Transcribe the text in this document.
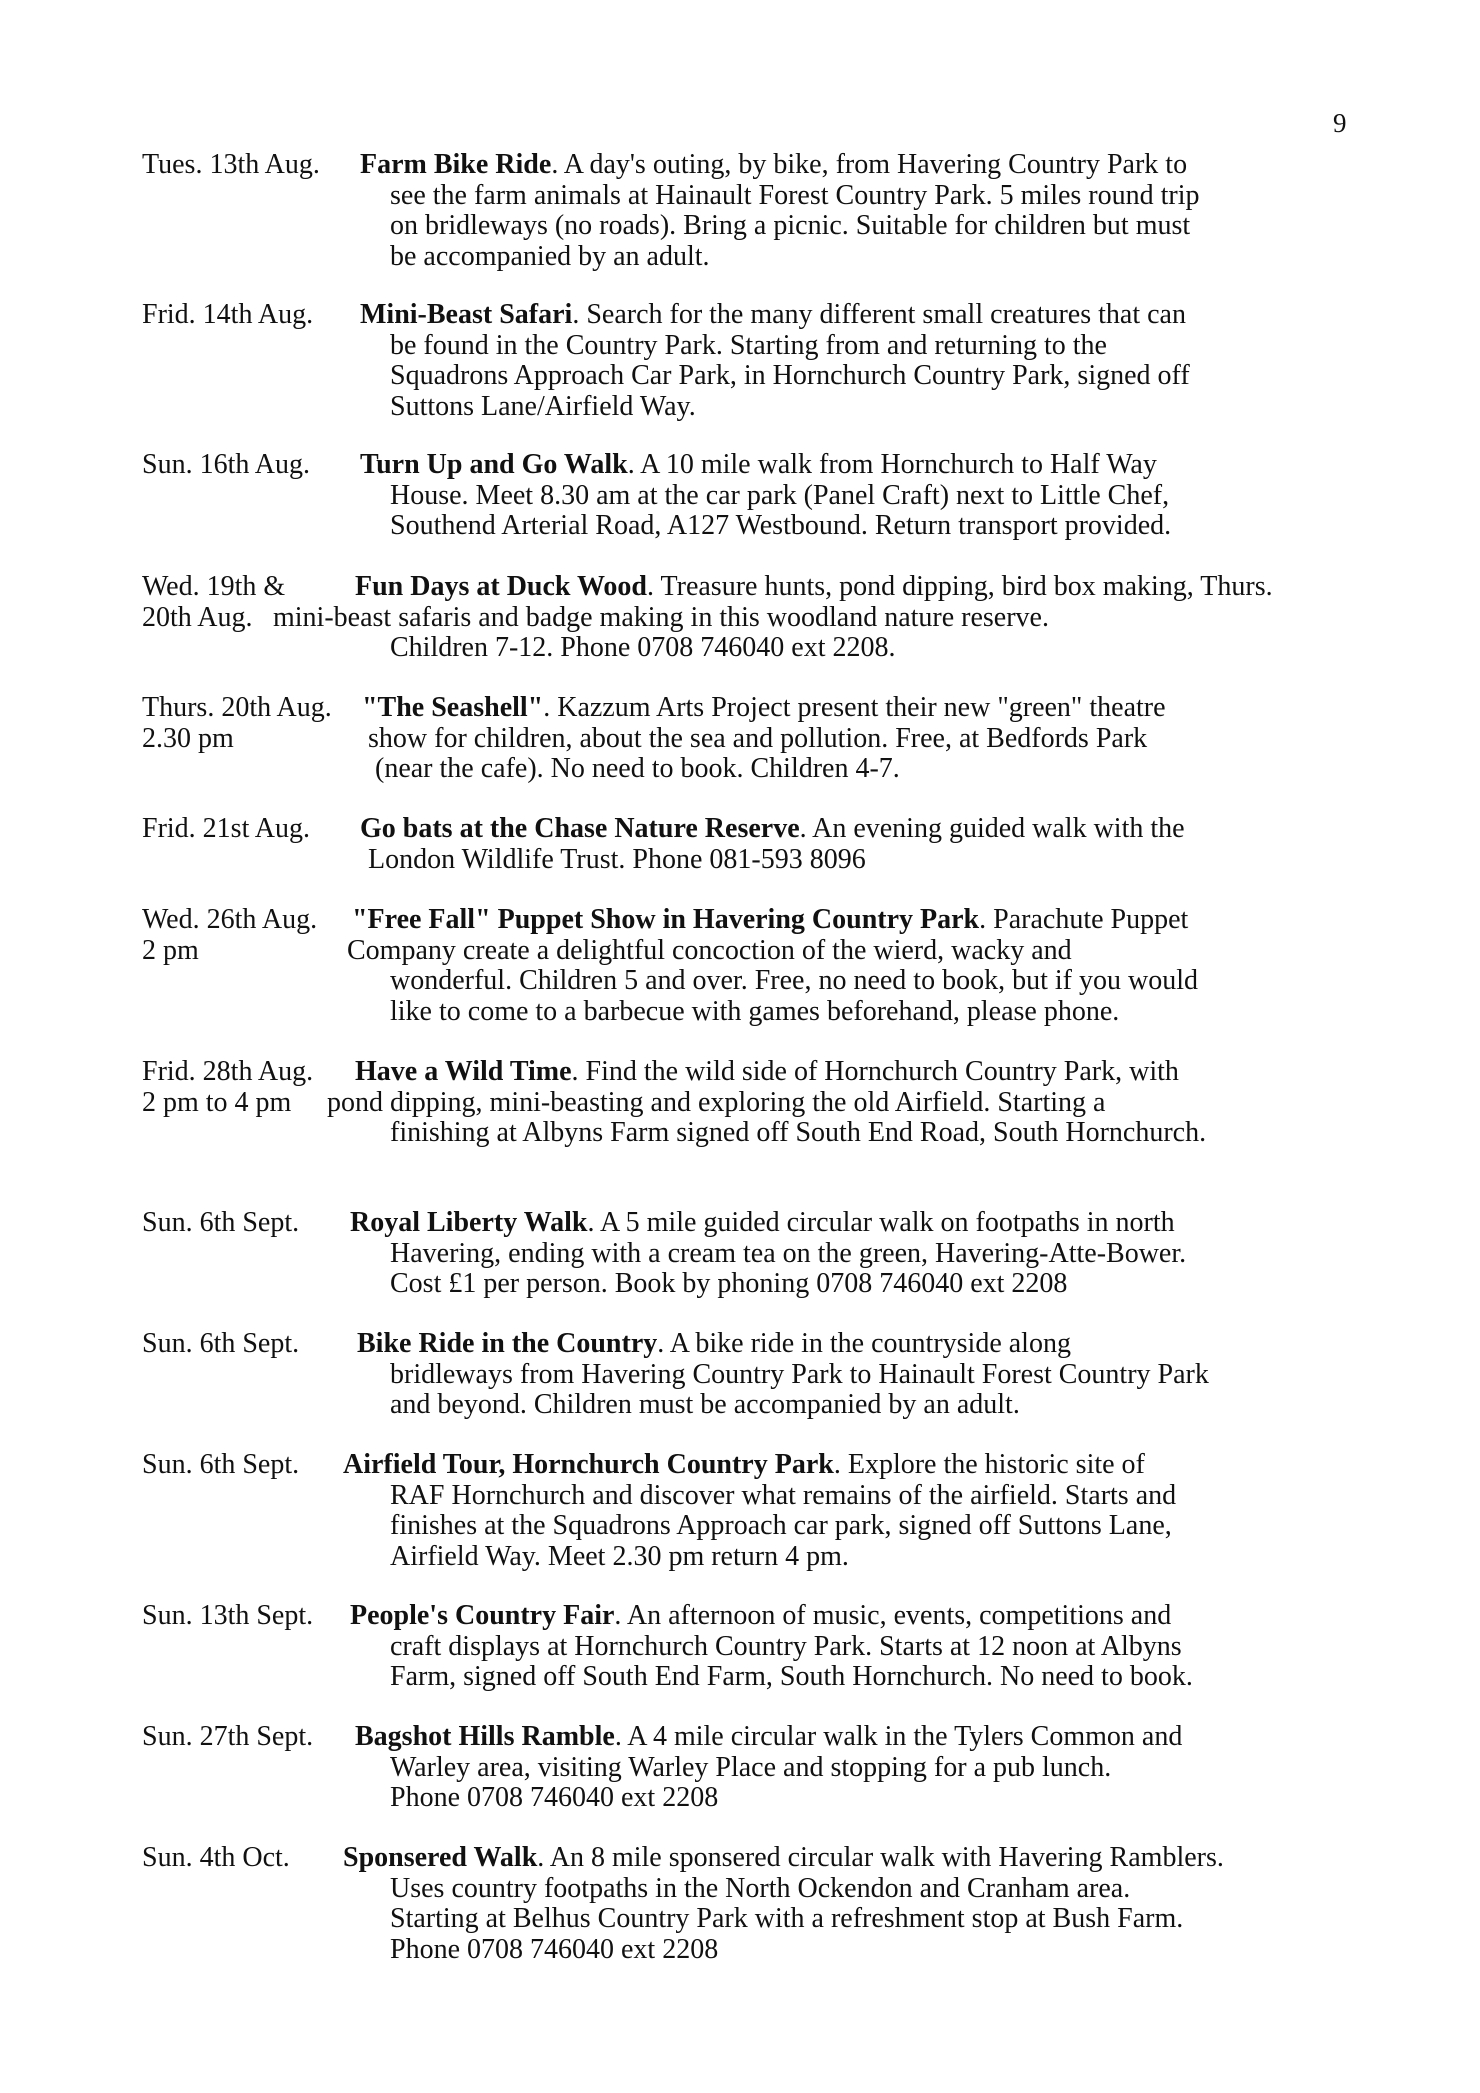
9
Tues. 13th Aug. Farm Bike Ride. A day's outing, by bike, from Havering Country Park to
see the farm animals at Hainault Forest Country Park. 5 miles round trip
on bridleways (no roads). Bring a picnic. Suitable for children but must
be accompanied by an adult.
Frid. 14th Aug. Mini-Beast Safari. Search for the many different small creatures that can
be found in the Country Park. Starting from and returning to the
Squadrons Approach Car Park, in Hornchurch Country Park, signed off
Suttons Lane/Airfield Way.
Sun. 16th Aug. Turn Up and Go Walk. A 10 mile walk from Hornchurch to Half Way
House. Meet 8.30 am at the car park (Panel Craft) next to Little Chef,
Southend Arterial Road, A127 Westbound. Return transport provided.
Wed. 19th &
20th Aug.
Fun Days at Duck Wood. Treasure hunts, pond dipping, bird box making, Thurs.
mini-beast safaris and badge making in this woodland nature reserve.
Children 7-12. Phone 0708 746040 ext 2208.
Thurs. 20th Aug.
2.30 pm
"The Seashell". Kazzum Arts Project present their new "green" theatre
show for children, about the sea and pollution. Free, at Bedfords Park
(near the cafe). No need to book. Children 4-7.
Frid. 21st Aug. Go bats at the Chase Nature Reserve. An evening guided walk with the
London Wildlife Trust. Phone 081-593 8096
Wed. 26th Aug.
2 pm
"Free Fall" Puppet Show in Havering Country Park. Parachute Puppet
Company create a delightful concoction of the wierd, wacky and
wonderful. Children 5 and over. Free, no need to book, but if you would
like to come to a barbecue with games beforehand, please phone.
Frid. 28th Aug.
2 pm to 4 pm
Have a Wild Time. Find the wild side of Hornchurch Country Park, with
pond dipping, mini-beasting and exploring the old Airfield. Starting a
finishing at Albyns Farm signed off South End Road, South Hornchurch.
Sun. 6th Sept. Royal Liberty Walk. A 5 mile guided circular walk on footpaths in north
Havering, ending with a cream tea on the green, Havering-Atte-Bower.
Cost £1 per person. Book by phoning 0708 746040 ext 2208
Sun. 6th Sept. Bike Ride in the Country. A bike ride in the countryside along
bridleways from Havering Country Park to Hainault Forest Country Park
and beyond. Children must be accompanied by an adult.
Sun. 6th Sept. Airfield Tour, Hornchurch Country Park. Explore the historic site of
RAF Hornchurch and discover what remains of the airfield. Starts and
finishes at the Squadrons Approach car park, signed off Suttons Lane,
Airfield Way. Meet 2.30 pm return 4 pm.
Sun. 13th Sept. People's Country Fair. An afternoon of music, events, competitions and
craft displays at Hornchurch Country Park. Starts at 12 noon at Albyns
Farm, signed off South End Farm, South Hornchurch. No need to book.
Sun. 27th Sept. Bagshot Hills Ramble. A 4 mile circular walk in the Tylers Common and
Warley area, visiting Warley Place and stopping for a pub lunch.
Phone 0708 746040 ext 2208
Sun. 4th Oct. Sponsered Walk. An 8 mile sponsered circular walk with Havering Ramblers.
Uses country footpaths in the North Ockendon and Cranham area.
Starting at Belhus Country Park with a refreshment stop at Bush Farm.
Phone 0708 746040 ext 2208
